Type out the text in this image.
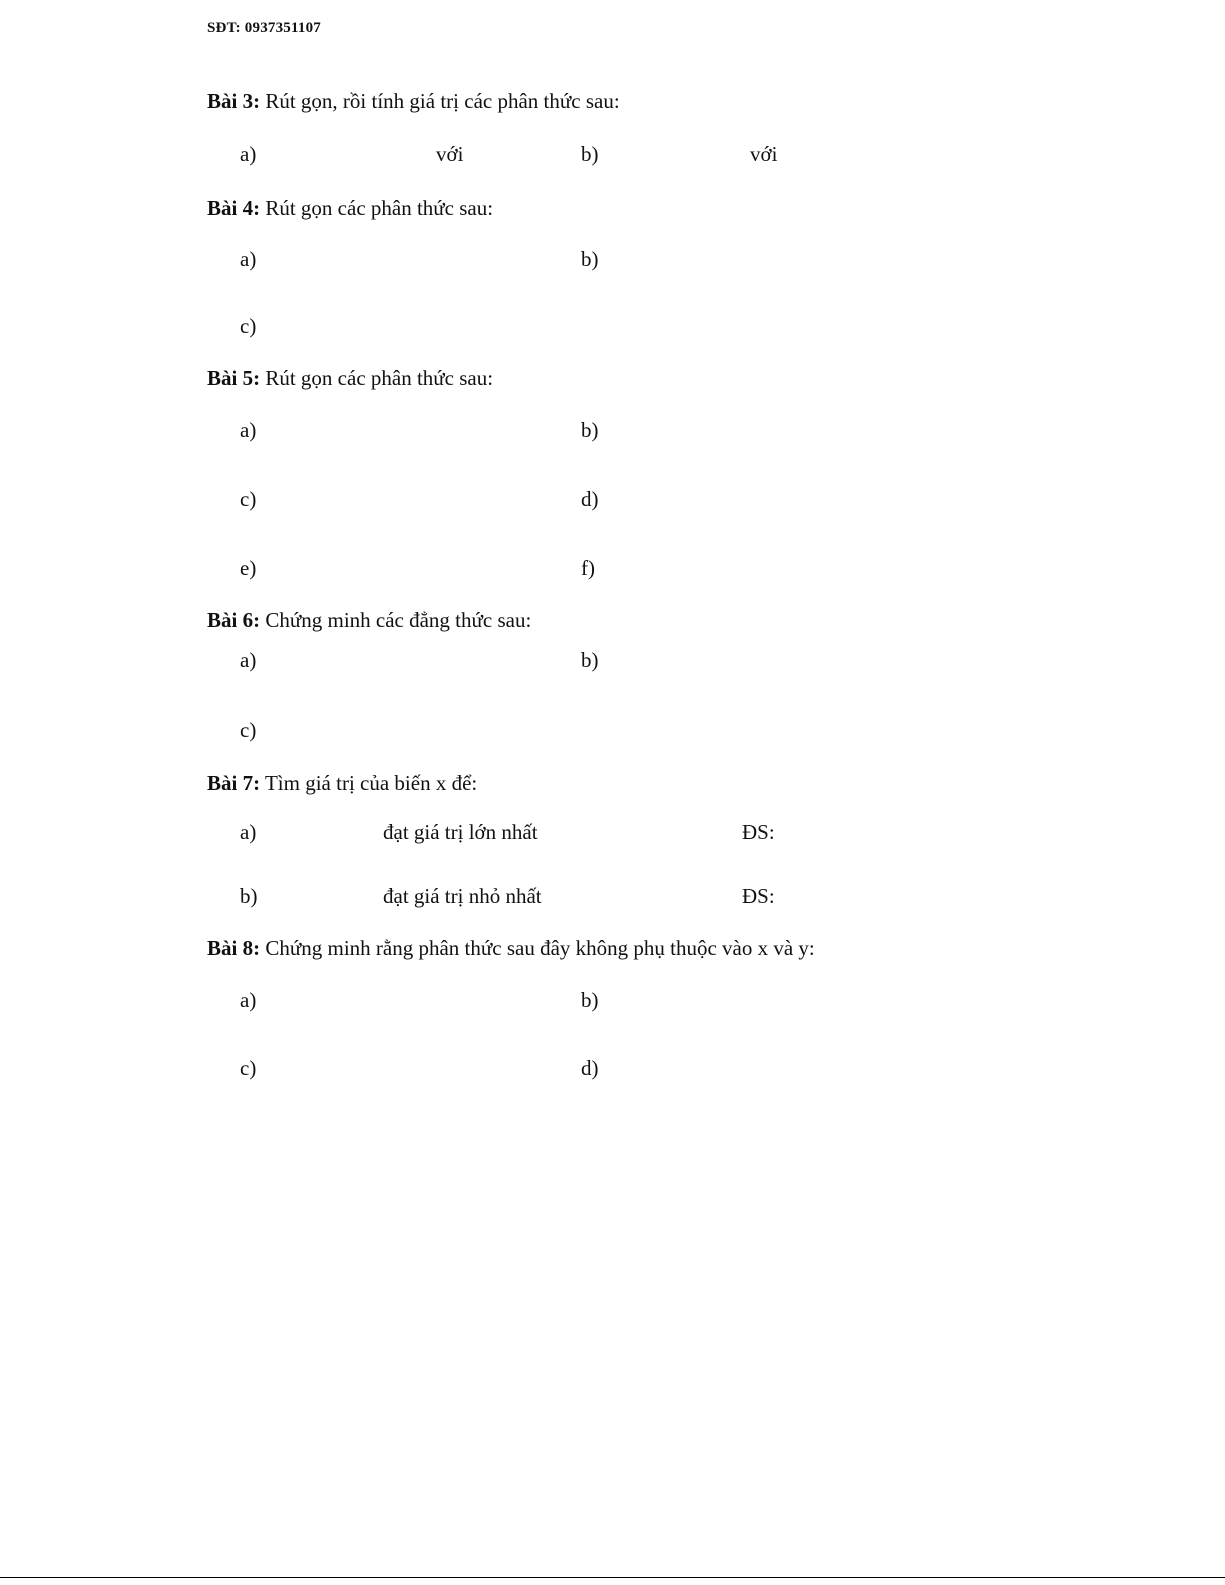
SĐT: 0937351107
Bài 3: Rút gọn, rồi tính giá trị các phân thức sau:
a)	với	b)	với
Bài 4: Rút gọn các phân thức sau:
a)	b)
c)
Bài 5: Rút gọn các phân thức sau:
a)	b)
c)	d)
e)	f)
Bài 6: Chứng minh các đẳng thức sau:
a)	b)
c)
Bài 7: Tìm giá trị của biến x để:
a)	đạt giá trị lớn nhất	ĐS:
b)	đạt giá trị nhỏ nhất	ĐS:
Bài 8: Chứng minh rằng phân thức sau đây không phụ thuộc vào x và y:
a)	b)
c)	d)
